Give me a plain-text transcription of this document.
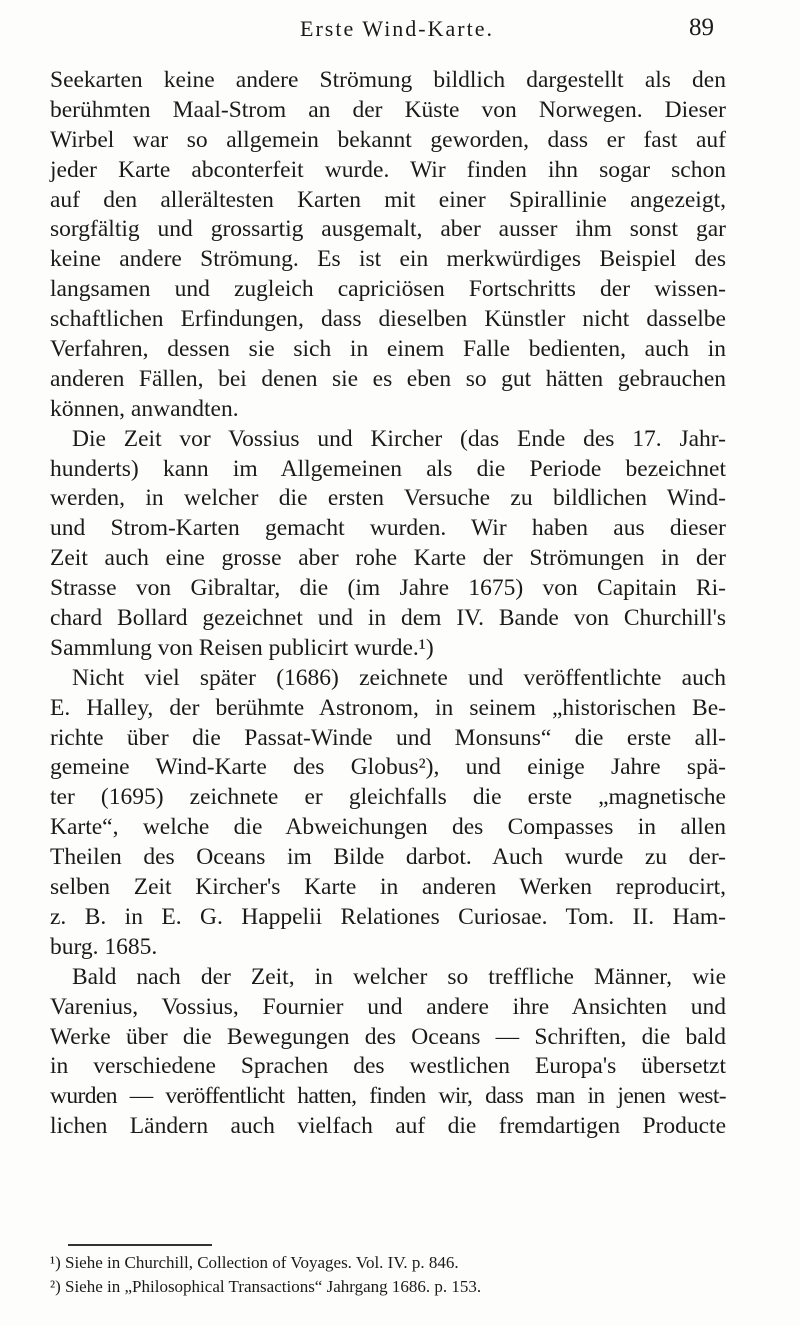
Erste Wind-Karte.	89
Seekarten keine andere Strömung bildlich dargestellt als den
berühmten Maal-Strom an der Küste von Norwegen. Dieser
Wirbel war so allgemein bekannt geworden, dass er fast auf
jeder Karte abconterfeit wurde. Wir finden ihn sogar schon
auf den allerältesten Karten mit einer Spirallinie angezeigt,
sorgfältig und grossartig ausgemalt, aber ausser ihm sonst gar
keine andere Strömung. Es ist ein merkwürdiges Beispiel des
langsamen und zugleich capriciösen Fortschritts der wissen-
schaftlichen Erfindungen, dass dieselben Künstler nicht dasselbe
Verfahren, dessen sie sich in einem Falle bedienten, auch in
anderen Fällen, bei denen sie es eben so gut hätten gebrauchen
können, anwandten.
Die Zeit vor Vossius und Kircher (das Ende des 17. Jahr-
hunderts) kann im Allgemeinen als die Periode bezeichnet
werden, in welcher die ersten Versuche zu bildlichen Wind-
und Strom-Karten gemacht wurden. Wir haben aus dieser
Zeit auch eine grosse aber rohe Karte der Strömungen in der
Strasse von Gibraltar, die (im Jahre 1675) von Capitain Ri-
chard Bollard gezeichnet und in dem IV. Bande von Churchill's
Sammlung von Reisen publicirt wurde.¹)
Nicht viel später (1686) zeichnete und veröffentlichte auch
E. Halley, der berühmte Astronom, in seinem „historischen Be-
richte über die Passat-Winde und Monsuns“ die erste all-
gemeine Wind-Karte des Globus²), und einige Jahre spä-
ter (1695) zeichnete er gleichfalls die erste „magnetische
Karte“, welche die Abweichungen des Compasses in allen
Theilen des Oceans im Bilde darbot. Auch wurde zu der-
selben Zeit Kircher's Karte in anderen Werken reproducirt,
z. B. in E. G. Happelii Relationes Curiosae. Tom. II. Ham-
burg. 1685.
Bald nach der Zeit, in welcher so treffliche Männer, wie
Varenius, Vossius, Fournier und andere ihre Ansichten und
Werke über die Bewegungen des Oceans — Schriften, die bald
in verschiedene Sprachen des westlichen Europa's übersetzt
wurden — veröffentlicht hatten, finden wir, dass man in jenen west-
lichen Ländern auch vielfach auf die fremdartigen Producte
¹) Siehe in Churchill, Collection of Voyages. Vol. IV. p. 846.
²) Siehe in „Philosophical Transactions“ Jahrgang 1686. p. 153.
